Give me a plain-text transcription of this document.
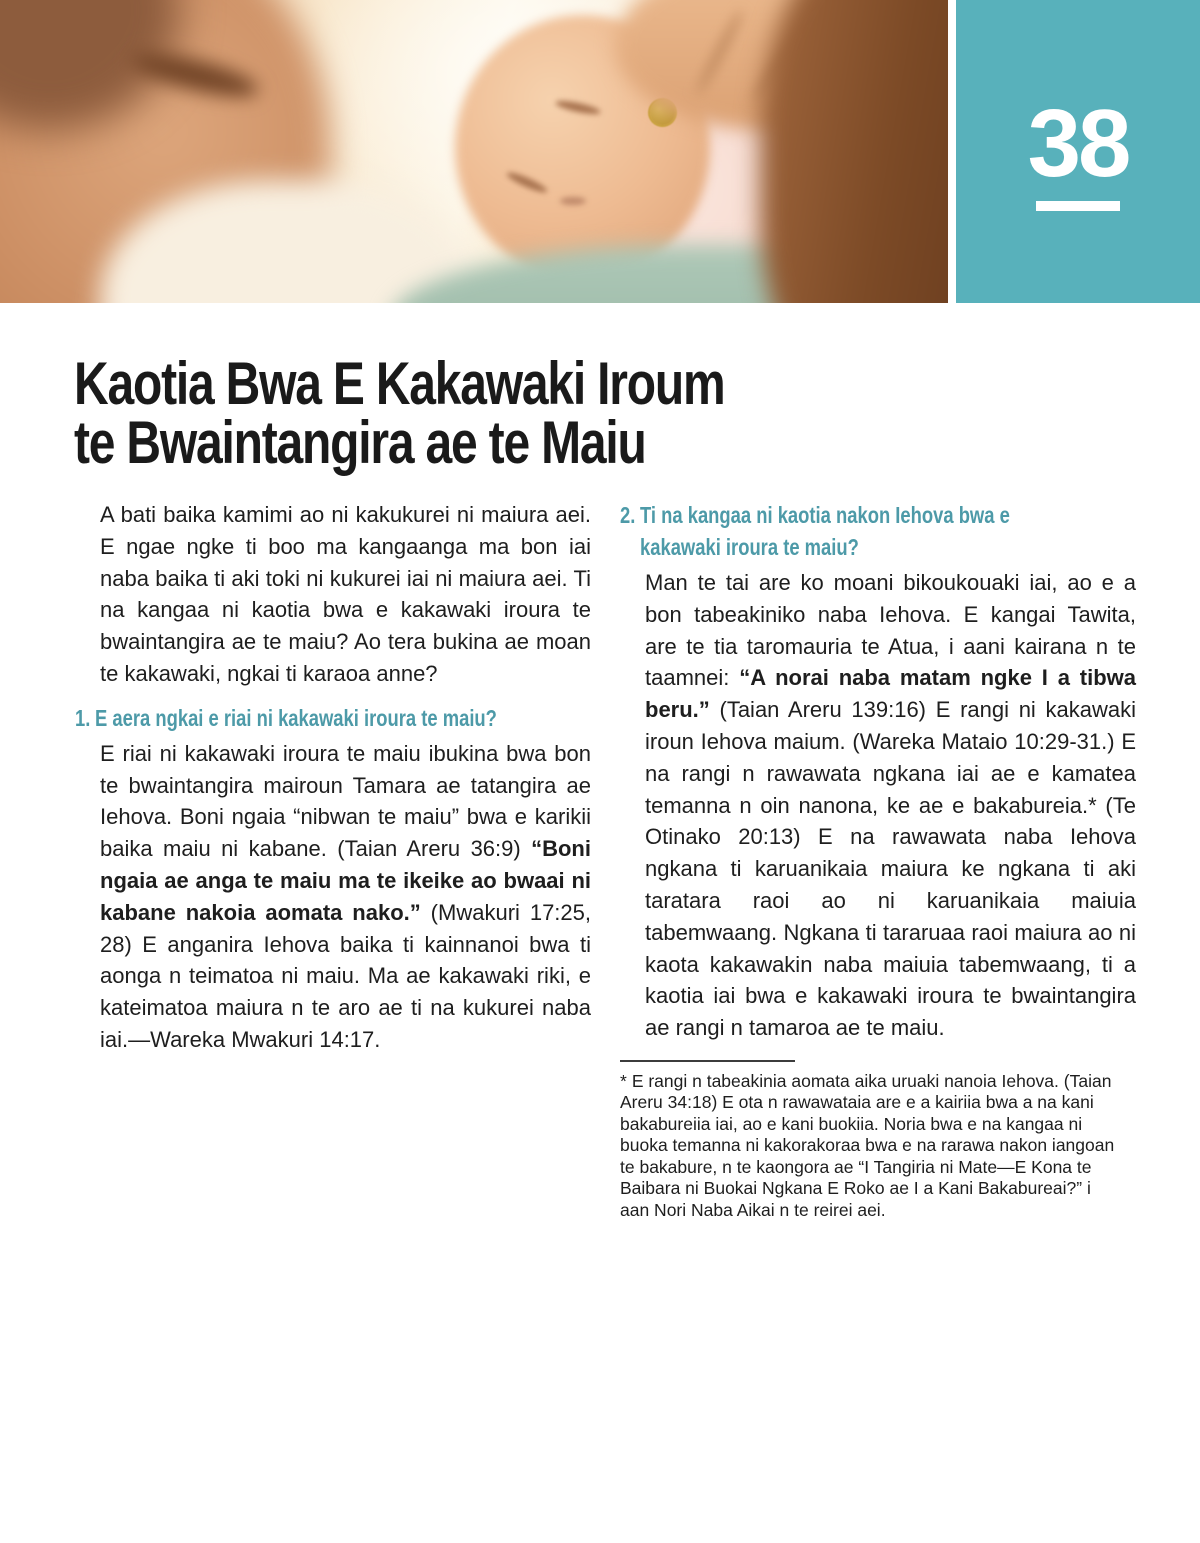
38
Kaotia Bwa E Kakawaki Iroum
te Bwaintangira ae te Maiu

A bati baika kamimi ao ni kakukurei ni maiura aei. E ngae ngke ti boo ma kangaanga ma bon iai naba baika ti aki toki ni kukurei iai ni maiura aei. Ti na kangaa ni kaotia bwa e kakawaki iroura te bwaintangira ae te maiu? Ao tera bukina ae moan te kakawaki, ngkai ti karaoa anne?

1. E aera ngkai e riai ni kakawaki iroura te maiu?

E riai ni kakawaki iroura te maiu ibukina bwa bon te bwaintangira mairoun Tamara ae tatangira ae Iehova. Boni ngaia “nibwan te maiu” bwa e karikii baika maiu ni kabane. (Taian Areru 36:9) “Boni ngaia ae anga te maiu ma te ikeike ao bwaai ni kabane nakoia aomata nako.” (Mwakuri 17:25, 28) E anganira Iehova baika ti kainnanoi bwa ti aonga n teimatoa ni maiu. Ma ae kakawaki riki, e kateimatoa maiura n te aro ae ti na kukurei naba iai.—Wareka Mwakuri 14:17.

2. Ti na kangaa ni kaotia nakon Iehova bwa e kakawaki iroura te maiu?

Man te tai are ko moani bikoukouaki iai, ao e a bon tabeakiniko naba Iehova. E kangai Tawita, are te tia taromauria te Atua, i aani kairana n te taamnei: “A norai naba matam ngke I a tibwa beru.” (Taian Areru 139:16) E rangi ni kakawaki iroun Iehova maium. (Wareka Mataio 10:29-31.) E na rangi n rawawata ngkana iai ae e kamatea temanna n oin nanona, ke ae e bakabureia.* (Te Otinako 20:13) E na rawawata naba Iehova ngkana ti karuanikaia maiura ke ngkana ti aki taratara raoi ao ni karuanikaia maiuia tabemwaang. Ngkana ti tararuaa raoi maiura ao ni kaota kakawakin naba maiuia tabemwaang, ti a kaotia iai bwa e kakawaki iroura te bwaintangira ae rangi n tamaroa ae te maiu.

* E rangi n tabeakinia aomata aika uruaki nanoia Iehova. (Taian Areru 34:18) E ota n rawawataia are e a kairiia bwa a na kani bakabureiia iai, ao e kani buokiia. Noria bwa e na kangaa ni buoka temanna ni kakorakoraa bwa e na rarawa nakon iangoan te bakabure, n te kaongora ae “I Tangiria ni Mate—E Kona te Baibara ni Buokai Ngkana E Roko ae I a Kani Bakabureai?” i aan Nori Naba Aikai n te reirei aei.
